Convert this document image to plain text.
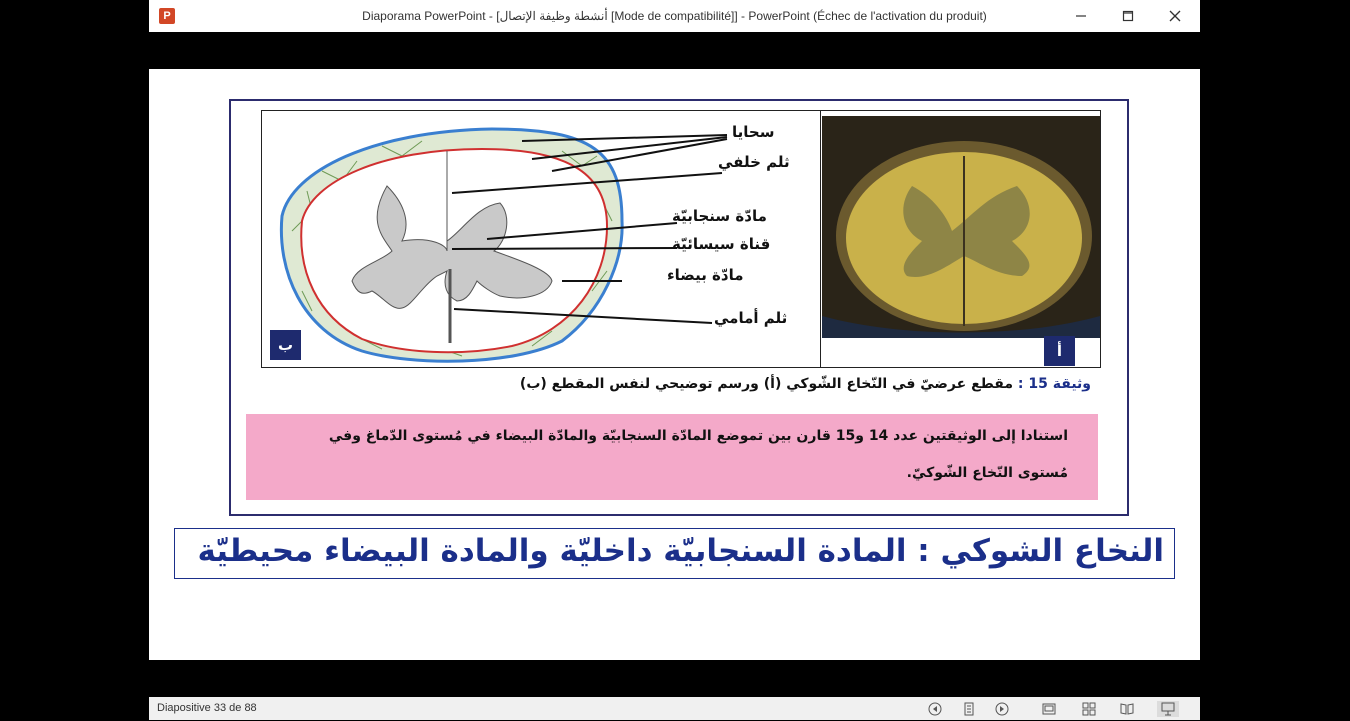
P	Diaporama PowerPoint - [أنشطة وظيفة الإتصال [Mode de compatibilité]] - PowerPoint (Échec de l'activation du produit)
سحايا
ثلم خلفي
مادّة سنجابيّة
قناة سيسائيّة
مادّة بيضاء
ثلم أمامي
ب	أ
وثيقة 15 : مقطع عرضيّ في النّخاع الشّوكي (أ) ورسم توضيحي لنفس المقطع (ب)

استنادا إلى الوثيقتين عدد 14 و15 قارن بين تموضع المادّة السنجابيّة والمادّة البيضاء في مُستوى الدّماغ وفي

مُستوى النّخاع الشّوكيّ.

النخاع الشوكي : المادة السنجابيّة داخليّة والمادة البيضاء محيطيّة
Diapositive 33 de 88
